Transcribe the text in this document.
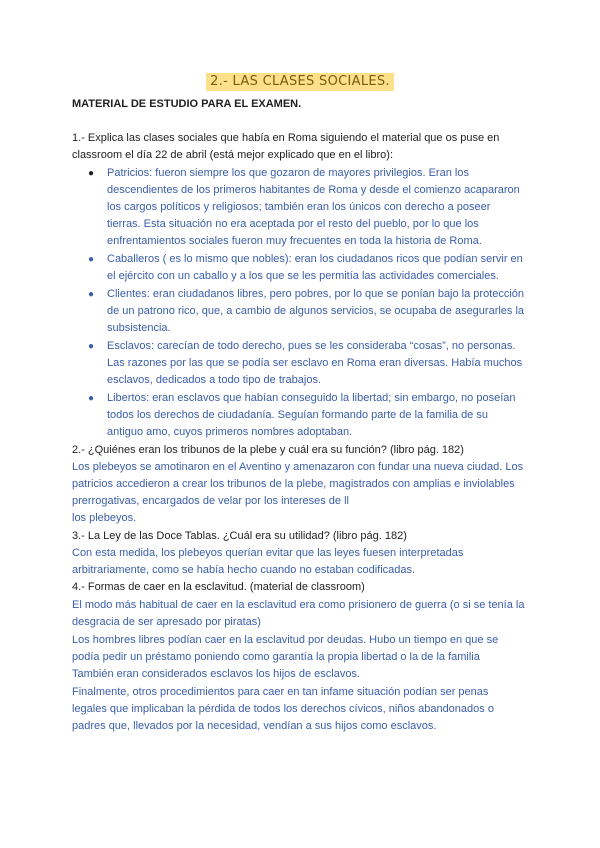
2.- LAS CLASES SOCIALES.
MATERIAL DE ESTUDIO PARA EL EXAMEN.
1.- Explica las clases sociales que había en Roma siguiendo el material que os puse en
classroom el día 22 de abril (está mejor explicado que en el libro):
●	Patricios: fueron siempre los que gozaron de mayores privilegios. Eran los
descendientes de los primeros habitantes de Roma y desde el comienzo acapararon
los cargos políticos y religiosos; también eran los únicos con derecho a poseer
tierras. Esta situación no era aceptada por el resto del pueblo, por lo que los
enfrentamientos sociales fueron muy frecuentes en toda la historia de Roma.
●	Caballeros ( es lo mismo que nobles): eran los ciudadanos ricos que podían servir en
el ejército con un caballo y a los que se les permitía las actividades comerciales.
●	Clientes: eran ciudadanos libres, pero pobres, por lo que se ponían bajo la protección
de un patrono rico, que, a cambio de algunos servicios, se ocupaba de asegurarles la
subsistencia.
●	Esclavos: carecían de todo derecho, pues se les consideraba “cosas”, no personas.
Las razones por las que se podía ser esclavo en Roma eran diversas. Había muchos
esclavos, dedicados a todo tipo de trabajos.
●	Libertos: eran esclavos que habían conseguido la libertad; sin embargo, no poseían
todos los derechos de ciudadanía. Seguían formando parte de la familia de su
antiguo amo, cuyos primeros nombres adoptaban.
2.- ¿Quiénes eran los tribunos de la plebe y cuál era su función? (libro pág. 182)
Los plebeyos se amotinaron en el Aventino y amenazaron con fundar una nueva ciudad. Los
patricios accedieron a crear los tribunos de la plebe, magistrados con amplias e inviolables
prerrogativas, encargados de velar por los intereses de ll
los plebeyos.
3.- La Ley de las Doce Tablas. ¿Cuál era su utilidad? (libro pág. 182)
Con esta medida, los plebeyos querían evitar que las leyes fuesen interpretadas
arbitrariamente, como se había hecho cuando no estaban codificadas.
4.- Formas de caer en la esclavitud. (material de classroom)
El modo más habitual de caer en la esclavitud era como prisionero de guerra (o si se tenía la
desgracia de ser apresado por piratas)
Los hombres libres podían caer en la esclavitud por deudas. Hubo un tiempo en que se
podía pedir un préstamo poniendo como garantía la propia libertad o la de la familia
También eran considerados esclavos los hijos de esclavos.
Finalmente, otros procedimientos para caer en tan infame situación podían ser penas
legales que implicaban la pérdida de todos los derechos cívicos, niños abandonados o
padres que, llevados por la necesidad, vendían a sus hijos como esclavos.
